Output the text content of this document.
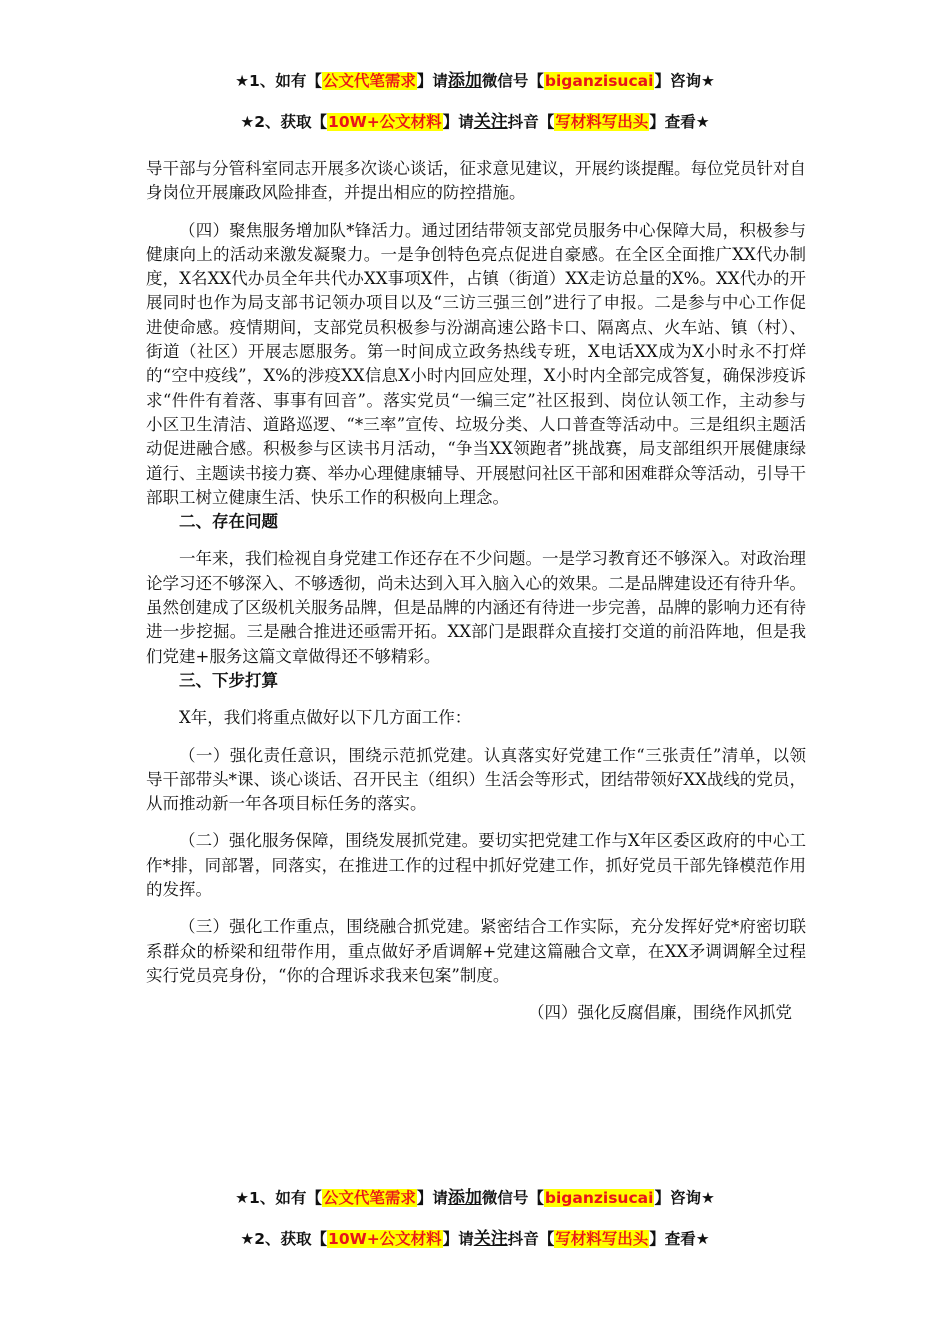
★1、如有【公文代笔需求】请添加微信号【biganzisucai】咨询★
★2、获取【10W+公文材料】请关注抖音【写材料写出头】查看★

导干部与分管科室同志开展多次谈心谈话，征求意见建议，开展约谈提醒。每位党员针对自身岗位开展廉政风险排查，并提出相应的防控措施。

（四）聚焦服务增加队*锋活力。通过团结带领支部党员服务中心保障大局，积极参与健康向上的活动来激发凝聚力。一是争创特色亮点促进自豪感。在全区全面推广XX代办制度，X名XX代办员全年共代办XX事项X件，占镇（街道）XX走访总量的X%。XX代办的开展同时也作为局支部书记领办项目以及“三访三强三创”进行了申报。二是参与中心工作促进使命感。疫情期间，支部党员积极参与汾湖高速公路卡口、隔离点、火车站、镇（村）、街道（社区）开展志愿服务。第一时间成立政务热线专班，X电话XX成为X小时永不打烊的“空中疫线”，X%的涉疫XX信息X小时内回应处理，X小时内全部完成答复，确保涉疫诉求“件件有着落、事事有回音”。落实党员“一编三定”社区报到、岗位认领工作，主动参与小区卫生清洁、道路巡逻、“*三率”宣传、垃圾分类、人口普查等活动中。三是组织主题活动促进融合感。积极参与区读书月活动，“争当XX领跑者”挑战赛，局支部组织开展健康绿道行、主题读书接力赛、举办心理健康辅导、开展慰问社区干部和困难群众等活动，引导干部职工树立健康生活、快乐工作的积极向上理念。

二、存在问题

一年来，我们检视自身党建工作还存在不少问题。一是学习教育还不够深入。对政治理论学习还不够深入、不够透彻，尚未达到入耳入脑入心的效果。二是品牌建设还有待升华。虽然创建成了区级机关服务品牌，但是品牌的内涵还有待进一步完善，品牌的影响力还有待进一步挖掘。三是融合推进还亟需开拓。XX部门是跟群众直接打交道的前沿阵地，但是我们党建+服务这篇文章做得还不够精彩。

三、下步打算

X年，我们将重点做好以下几方面工作：

（一）强化责任意识，围绕示范抓党建。认真落实好党建工作“三张责任”清单，以领导干部带头*课、谈心谈话、召开民主（组织）生活会等形式，团结带领好XX战线的党员，从而推动新一年各项目标任务的落实。

（二）强化服务保障，围绕发展抓党建。要切实把党建工作与X年区委区政府的中心工作*排，同部署，同落实，在推进工作的过程中抓好党建工作，抓好党员干部先锋模范作用的发挥。

（三）强化工作重点，围绕融合抓党建。紧密结合工作实际，充分发挥好党*府密切联系群众的桥梁和纽带作用，重点做好矛盾调解+党建这篇融合文章，在XX矛调调解全过程实行党员亮身份，“你的合理诉求我来包案”制度。

（四）强化反腐倡廉，围绕作风抓党

★1、如有【公文代笔需求】请添加微信号【biganzisucai】咨询★
★2、获取【10W+公文材料】请关注抖音【写材料写出头】查看★
